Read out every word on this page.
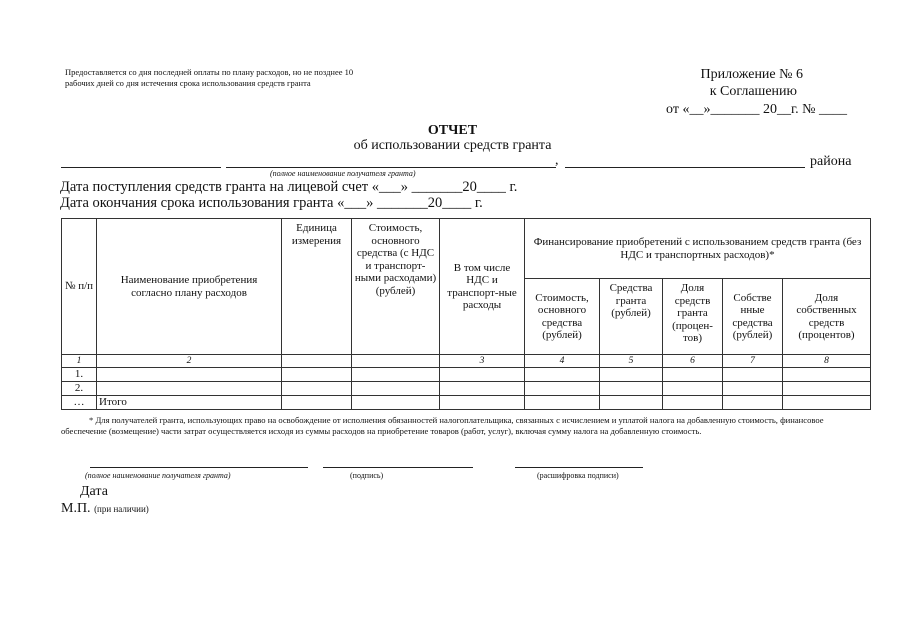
Предоставляется со дня последней оплаты по плану расходов, но не позднее 10 рабочих дней со дня истечения срока использования средств гранта
Приложение № 6
к Соглашению
от «__»_______ 20__г. № ____
ОТЧЕТ
об использовании средств гранта
,	района
(полное наименование получателя гранта)
Дата поступления средств гранта на лицевой счет «___» _______20____ г.
Дата окончания срока использования гранта «___» _______20____ г.
№ п/п	Наименование приобретения согласно плану расходов	Единица измерения	Стоимость, основного средства (с НДС и транспорт-ными расходами) (рублей)	В том числе НДС и транспорт-ные расходы	Финансирование приобретений с использованием средств гранта (без НДС и транспортных расходов)*				
					Стоимость, основного средства (рублей)	Средства гранта (рублей)	Доля средств гранта (процен-тов)	Собстве нные средства (рублей)	Доля собственных средств (процентов)
1	2			3	4	5	6	7	8
1.									
2.									
…	Итого								
* Для получателей гранта, использующих право на освобождение от исполнения обязанностей налогоплательщика, связанных с исчислением и уплатой налога на добавленную стоимость, финансовое обеспечение (возмещение) части затрат осуществляется исходя из суммы расходов на приобретение товаров (работ, услуг), включая сумму налога на добавленную стоимость.
(полное наименование получателя гранта)	(подпись)	(расшифровка подписи)
Дата
М.П. (при наличии)
